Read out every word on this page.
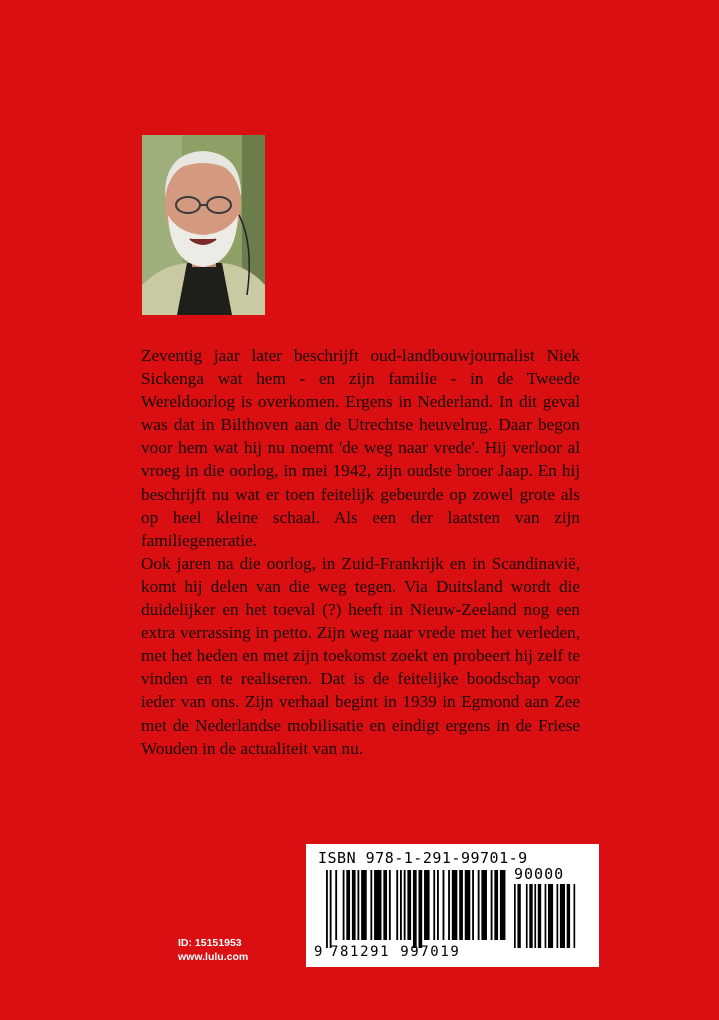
Zeventig jaar later beschrijft oud-landbouwjournalist Niek Sickenga wat hem - en zijn familie - in de Tweede Wereldoorlog is overkomen. Ergens in Nederland. In dit geval was dat in Bilthoven aan de Utrechtse heuvelrug. Daar begon voor hem wat hij nu noemt 'de weg naar vrede'. Hij verloor al vroeg in die oorlog, in mei 1942, zijn oudste broer Jaap. En hij beschrijft nu wat er toen feitelijk gebeurde op zowel grote als op heel kleine schaal. Als een der laatsten van zijn familiegeneratie.

Ook jaren na die oorlog, in Zuid-Frankrijk en in Scandinavië, komt hij delen van die weg tegen. Via Duitsland wordt die duidelijker en het toeval (?) heeft in Nieuw-Zeeland nog een extra verrassing in petto. Zijn weg naar vrede met het verleden, met het heden en met zijn toekomst zoekt en probeert hij zelf te vinden en te realiseren. Dat is de feitelijke boodschap voor ieder van ons. Zijn verhaal begint in 1939 in Egmond aan Zee met de Nederlandse mobilisatie en eindigt ergens in de Friese Wouden in de actualiteit van nu.

ISBN 978-1-291-99701-9
90000
9 781291 997019
ID: 15151953
www.lulu.com
